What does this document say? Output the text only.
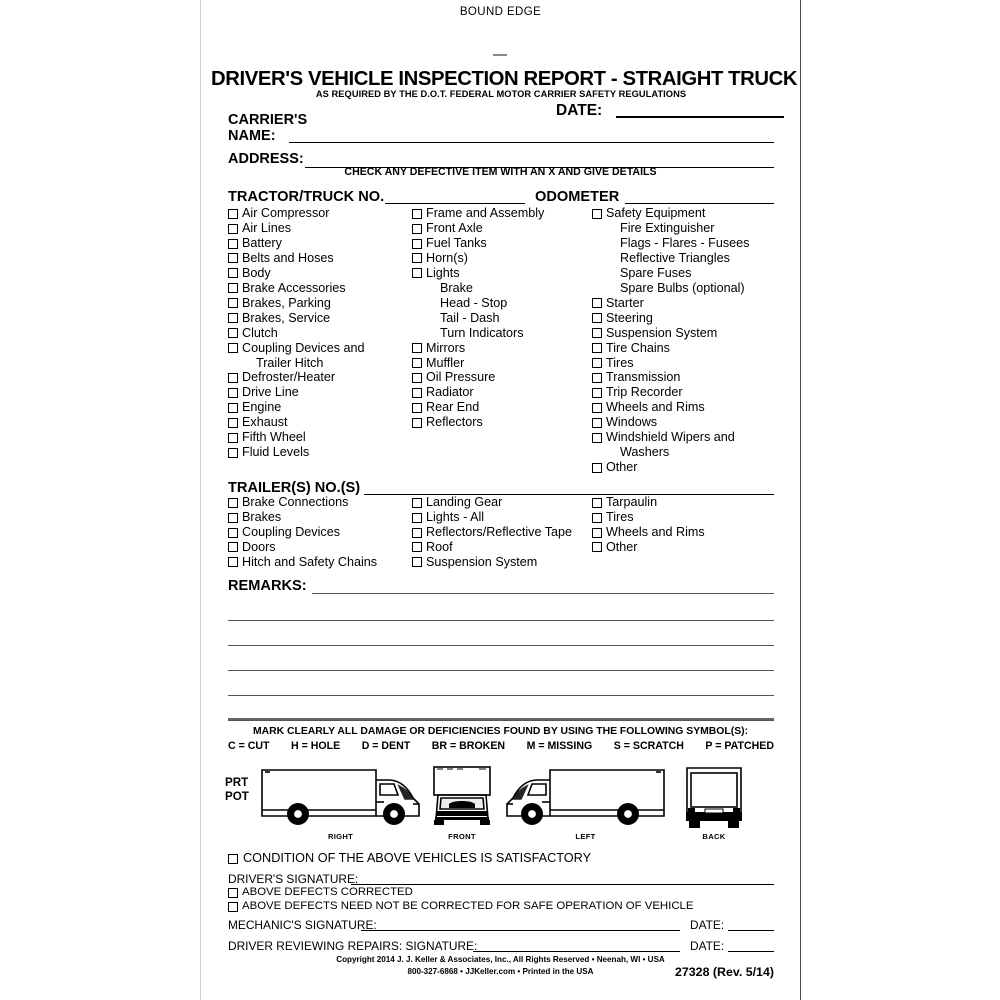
BOUND EDGE
DRIVER'S VEHICLE INSPECTION REPORT - STRAIGHT TRUCK
AS REQUIRED BY THE D.O.T. FEDERAL MOTOR CARRIER SAFETY REGULATIONS
DATE:
CARRIER'S
NAME:
ADDRESS:
CHECK ANY DEFECTIVE ITEM WITH AN X AND GIVE DETAILS
TRACTOR/TRUCK NO.	ODOMETER
Air Compressor
Air Lines
Battery
Belts and Hoses
Body
Brake Accessories
Brakes, Parking
Brakes, Service
Clutch
Coupling Devices and
Trailer Hitch
Defroster/Heater
Drive Line
Engine
Exhaust
Fifth Wheel
Fluid Levels
Frame and Assembly
Front Axle
Fuel Tanks
Horn(s)
Lights
Brake
Head - Stop
Tail - Dash
Turn Indicators
Mirrors
Muffler
Oil Pressure
Radiator
Rear End
Reflectors
Safety Equipment
Fire Extinguisher
Flags - Flares - Fusees
Reflective Triangles
Spare Fuses
Spare Bulbs (optional)
Starter
Steering
Suspension System
Tire Chains
Tires
Transmission
Trip Recorder
Wheels and Rims
Windows
Windshield Wipers and
Washers
Other
TRAILER(S) NO.(S)
Brake Connections
Brakes
Coupling Devices
Doors
Hitch and Safety Chains
Landing Gear
Lights - All
Reflectors/Reflective Tape
Roof
Suspension System
Tarpaulin
Tires
Wheels and Rims
Other
REMARKS:
MARK CLEARLY ALL DAMAGE OR DEFICIENCIES FOUND BY USING THE FOLLOWING SYMBOL(S):
C = CUT H = HOLE D = DENT BR = BROKEN M = MISSING S = SCRATCH P = PATCHED
PRT
POT
RIGHT	FRONT	LEFT	BACK
CONDITION OF THE ABOVE VEHICLES IS SATISFACTORY
DRIVER'S SIGNATURE:
ABOVE DEFECTS CORRECTED
ABOVE DEFECTS NEED NOT BE CORRECTED FOR SAFE OPERATION OF VEHICLE
MECHANIC'S SIGNATURE:	DATE:
DRIVER REVIEWING REPAIRS: SIGNATURE:	DATE:
Copyright 2014 J. J. Keller & Associates, Inc., All Rights Reserved • Neenah, WI • USA
800-327-6868 • JJKeller.com • Printed in the USA	27328 (Rev. 5/14)
